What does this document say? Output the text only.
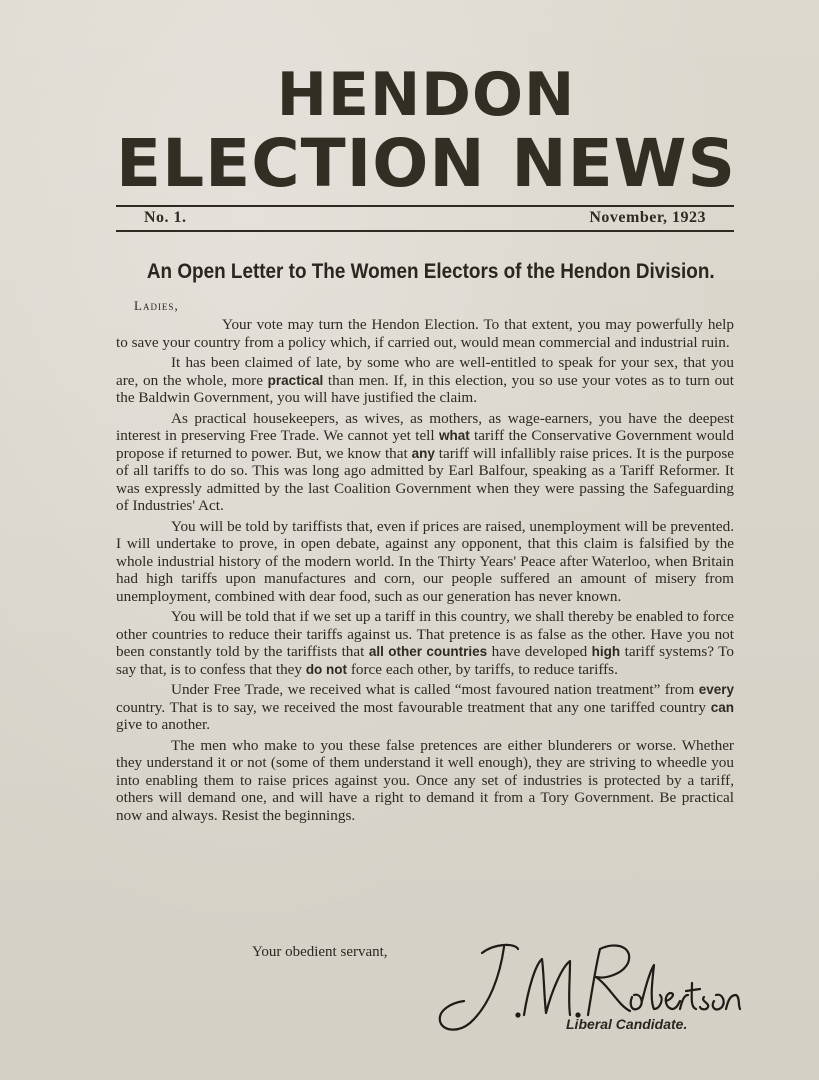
HENDON
ELECTION NEWS
No. 1.	November, 1923
An Open Letter to The Women Electors of the Hendon Division.
Ladies,

Your vote may turn the Hendon Election. To that extent, you may powerfully help to save your country from a policy which, if carried out, would mean commercial and industrial ruin.

It has been claimed of late, by some who are well-entitled to speak for your sex, that you are, on the whole, more practical than men. If, in this election, you so use your votes as to turn out the Baldwin Government, you will have justified the claim.

As practical housekeepers, as wives, as mothers, as wage-earners, you have the deepest interest in preserving Free Trade. We cannot yet tell what tariff the Conservative Government would propose if returned to power. But, we know that any tariff will infallibly raise prices. It is the purpose of all tariffs to do so. This was long ago admitted by Earl Balfour, speaking as a Tariff Reformer. It was expressly admitted by the last Coalition Government when they were passing the Safeguarding of Industries' Act.

You will be told by tariffists that, even if prices are raised, unemployment will be prevented. I will undertake to prove, in open debate, against any opponent, that this claim is falsified by the whole industrial history of the modern world. In the Thirty Years' Peace after Waterloo, when Britain had high tariffs upon manufactures and corn, our people suffered an amount of misery from unemployment, combined with dear food, such as our generation has never known.

You will be told that if we set up a tariff in this country, we shall thereby be enabled to force other countries to reduce their tariffs against us. That pretence is as false as the other. Have you not been constantly told by the tariffists that all other countries have developed high tariff systems? To say that, is to confess that they do not force each other, by tariffs, to reduce tariffs.

Under Free Trade, we received what is called “most favoured nation treatment” from every country. That is to say, we received the most favourable treatment that any one tariffed country can give to another.

The men who make to you these false pretences are either blunderers or worse. Whether they understand it or not (some of them understand it well enough), they are striving to wheedle you into enabling them to raise prices against you. Once any set of industries is protected by a tariff, others will demand one, and will have a right to demand it from a Tory Government. Be practical now and always. Resist the beginnings.

Your obedient servant,
Liberal Candidate.
